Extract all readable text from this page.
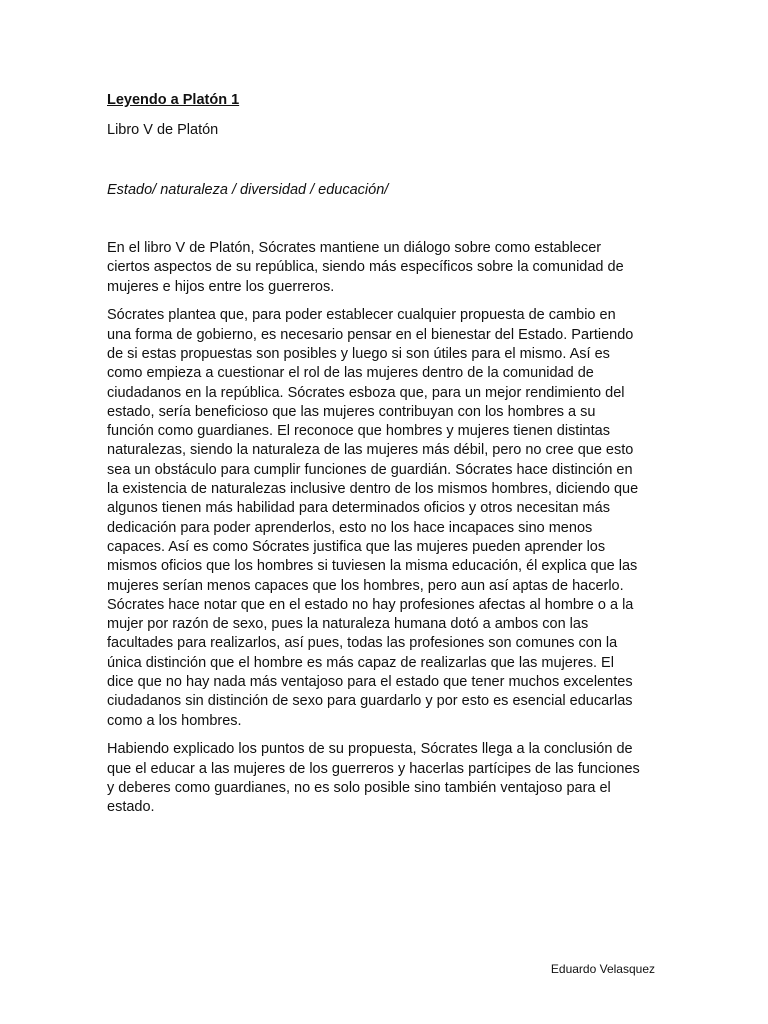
Leyendo a Platón 1

Libro V de Platón

Estado/ naturaleza / diversidad / educación/

En el libro V de Platón, Sócrates mantiene un diálogo sobre como establecer
ciertos aspectos de su república, siendo más específicos sobre la comunidad de
mujeres e hijos entre los guerreros.

Sócrates plantea que, para poder establecer cualquier propuesta de cambio en
una forma de gobierno, es necesario pensar en el bienestar del Estado. Partiendo
de si estas propuestas son posibles y luego si son útiles para el mismo. Así es
como empieza a cuestionar el rol de las mujeres dentro de la comunidad de
ciudadanos en la república. Sócrates esboza que, para un mejor rendimiento del
estado, sería beneficioso que las mujeres contribuyan con los hombres a su
función como guardianes. El reconoce que hombres y mujeres tienen distintas
naturalezas, siendo la naturaleza de las mujeres más débil, pero no cree que esto
sea un obstáculo para cumplir funciones de guardián. Sócrates hace distinción en
la existencia de naturalezas inclusive dentro de los mismos hombres, diciendo que
algunos tienen más habilidad para determinados oficios y otros necesitan más
dedicación para poder aprenderlos, esto no los hace incapaces sino menos
capaces. Así es como Sócrates justifica que las mujeres pueden aprender los
mismos oficios que los hombres si tuviesen la misma educación, él explica que las
mujeres serían menos capaces que los hombres, pero aun así aptas de hacerlo.
Sócrates hace notar que en el estado no hay profesiones afectas al hombre o a la
mujer por razón de sexo, pues la naturaleza humana dotó a ambos con las
facultades para realizarlos, así pues, todas las profesiones son comunes con la
única distinción que el hombre es más capaz de realizarlas que las mujeres. El
dice que no hay nada más ventajoso para el estado que tener muchos excelentes
ciudadanos sin distinción de sexo para guardarlo y por esto es esencial educarlas
como a los hombres.

Habiendo explicado los puntos de su propuesta, Sócrates llega a la conclusión de
que el educar a las mujeres de los guerreros y hacerlas partícipes de las funciones
y deberes como guardianes, no es solo posible sino también ventajoso para el
estado.

Eduardo Velasquez
